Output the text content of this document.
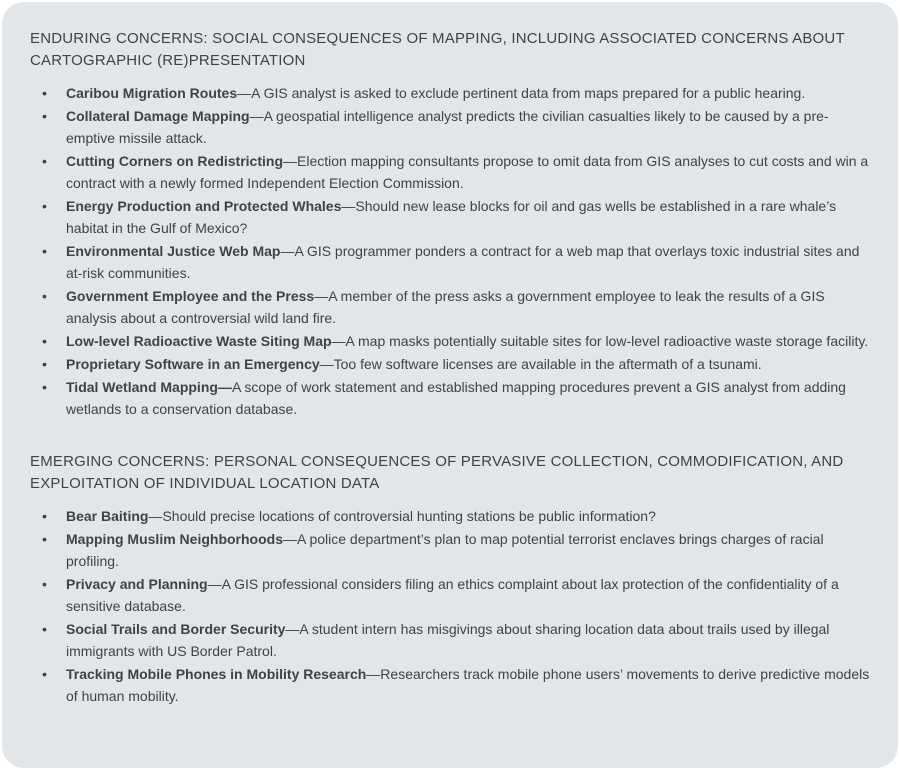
ENDURING CONCERNS: SOCIAL CONSEQUENCES OF MAPPING, INCLUDING ASSOCIATED CONCERNS ABOUT CARTOGRAPHIC (RE)PRESENTATION
• Caribou Migration Routes—A GIS analyst is asked to exclude pertinent data from maps prepared for a public hearing.
• Collateral Damage Mapping—A geospatial intelligence analyst predicts the civilian casualties likely to be caused by a pre-emptive missile attack.
• Cutting Corners on Redistricting—Election mapping consultants propose to omit data from GIS analyses to cut costs and win a contract with a newly formed Independent Election Commission.
• Energy Production and Protected Whales—Should new lease blocks for oil and gas wells be established in a rare whale’s habitat in the Gulf of Mexico?
• Environmental Justice Web Map—A GIS programmer ponders a contract for a web map that overlays toxic industrial sites and at-risk communities.
• Government Employee and the Press—A member of the press asks a government employee to leak the results of a GIS analysis about a controversial wild land fire.
• Low-level Radioactive Waste Siting Map—A map masks potentially suitable sites for low-level radioactive waste storage facility.
• Proprietary Software in an Emergency—Too few software licenses are available in the aftermath of a tsunami.
• Tidal Wetland Mapping—A scope of work statement and established mapping procedures prevent a GIS analyst from adding wetlands to a conservation database.
EMERGING CONCERNS: PERSONAL CONSEQUENCES OF PERVASIVE COLLECTION, COMMODIFICATION, AND EXPLOITATION OF INDIVIDUAL LOCATION DATA
• Bear Baiting—Should precise locations of controversial hunting stations be public information?
• Mapping Muslim Neighborhoods—A police department’s plan to map potential terrorist enclaves brings charges of racial profiling.
• Privacy and Planning—A GIS professional considers filing an ethics complaint about lax protection of the confidentiality of a sensitive database.
• Social Trails and Border Security—A student intern has misgivings about sharing location data about trails used by illegal immigrants with US Border Patrol.
• Tracking Mobile Phones in Mobility Research—Researchers track mobile phone users’ movements to derive predictive models of human mobility.
